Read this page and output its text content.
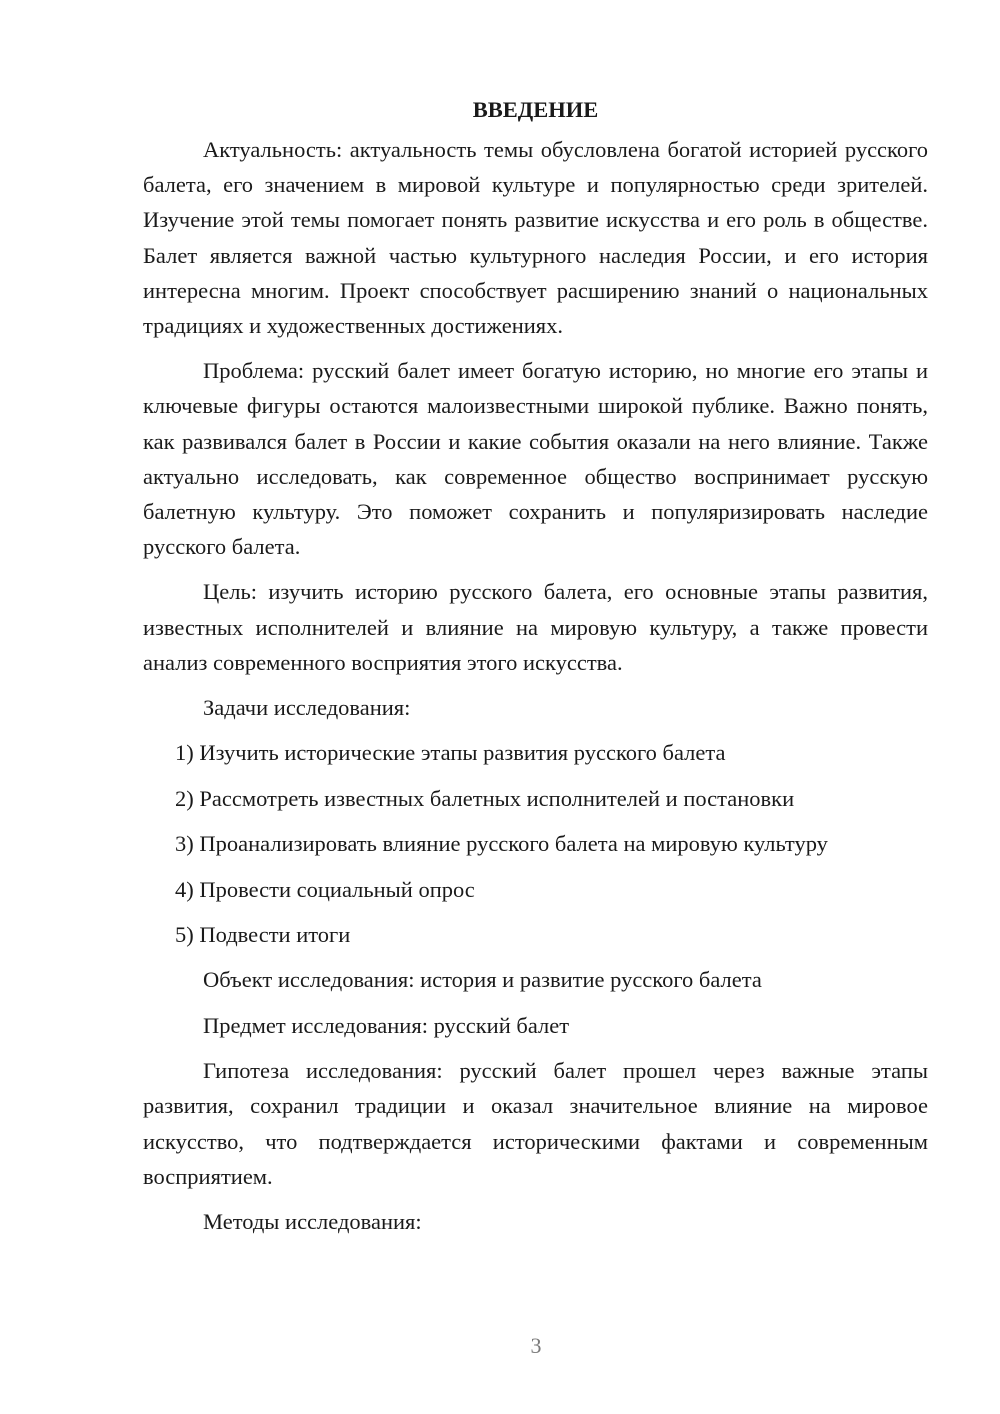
ВВЕДЕНИЕ

Актуальность: актуальность темы обусловлена богатой историей русского балета, его значением в мировой культуре и популярностью среди зрителей. Изучение этой темы помогает понять развитие искусства и его роль в обществе. Балет является важной частью культурного наследия России, и его история интересна многим. Проект способствует расширению знаний о национальных традициях и художественных достижениях.

Проблема: русский балет имеет богатую историю, но многие его этапы и ключевые фигуры остаются малоизвестными широкой публике. Важно понять, как развивался балет в России и какие события оказали на него влияние. Также актуально исследовать, как современное общество воспринимает русскую балетную культуру. Это поможет сохранить и популяризировать наследие русского балета.

Цель: изучить историю русского балета, его основные этапы развития, известных исполнителей и влияние на мировую культуру, а также провести анализ современного восприятия этого искусства.

Задачи исследования:
1) Изучить исторические этапы развития русского балета
2) Рассмотреть известных балетных исполнителей и постановки
3) Проанализировать влияние русского балета на мировую культуру
4) Провести социальный опрос
5) Подвести итоги
Объект исследования: история и развитие русского балета
Предмет исследования: русский балет

Гипотеза исследования: русский балет прошел через важные этапы развития, сохранил традиции и оказал значительное влияние на мировое искусство, что подтверждается историческими фактами и современным восприятием.

Методы исследования:
3
